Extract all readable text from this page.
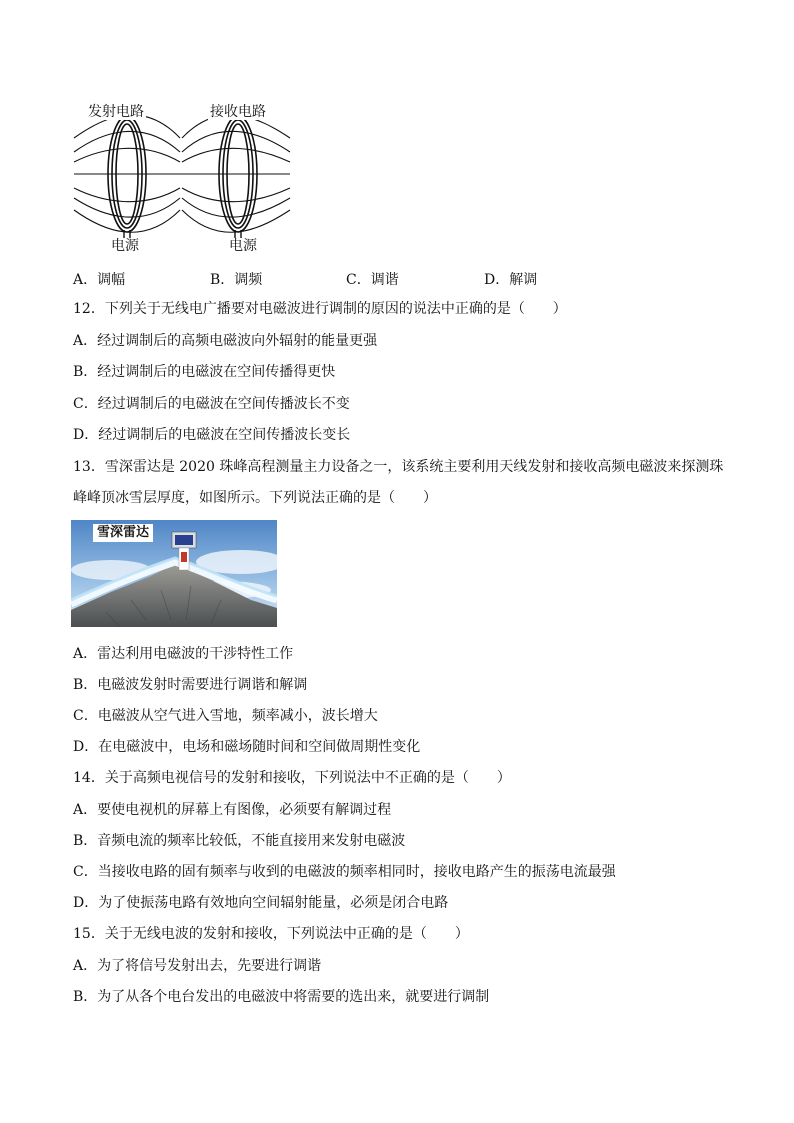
发射电路	接收电路
电源	电源
A．调幅	B．调频	C．调谐	D．解调
12．下列关于无线电广播要对电磁波进行调制的原因的说法中正确的是（　　）
A．经过调制后的高频电磁波向外辐射的能量更强
B．经过调制后的电磁波在空间传播得更快
C．经过调制后的电磁波在空间传播波长不变
D．经过调制后的电磁波在空间传播波长变长
13．雪深雷达是 2020 珠峰高程测量主力设备之一，该系统主要利用天线发射和接收高频电磁波来探测珠
峰峰顶冰雪层厚度，如图所示。下列说法正确的是（　　）
雪深雷达
A．雷达利用电磁波的干涉特性工作
B．电磁波发射时需要进行调谐和解调
C．电磁波从空气进入雪地，频率减小，波长增大
D．在电磁波中，电场和磁场随时间和空间做周期性变化
14．关于高频电视信号的发射和接收，下列说法中不正确的是（　　）
A．要使电视机的屏幕上有图像，必须要有解调过程
B．音频电流的频率比较低，不能直接用来发射电磁波
C．当接收电路的固有频率与收到的电磁波的频率相同时，接收电路产生的振荡电流最强
D．为了使振荡电路有效地向空间辐射能量，必须是闭合电路
15．关于无线电波的发射和接收，下列说法中正确的是（　　）
A．为了将信号发射出去，先要进行调谐
B．为了从各个电台发出的电磁波中将需要的选出来，就要进行调制
